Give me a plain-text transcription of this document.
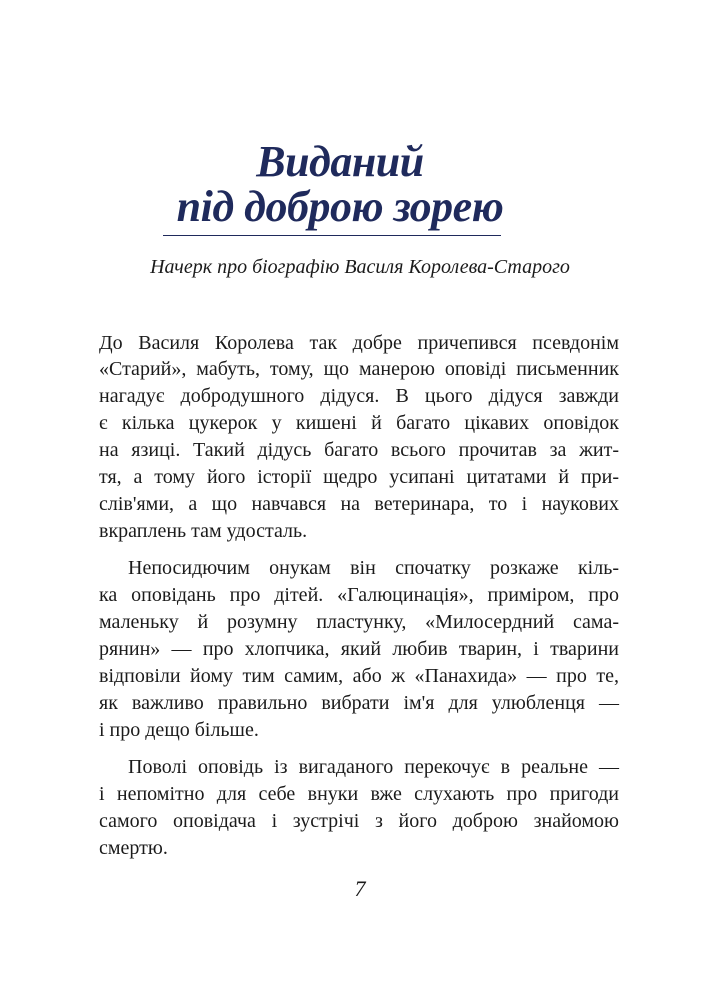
Виданий
під доброю зорею

Начерк про біографію Василя Королева-Старого

До Василя Королева так добре причепився псевдонім

«Старий», мабуть, тому, що манерою оповіді письменник

нагадує добродушного дідуся. В цього дідуся завжди

є кілька цукерок у кишені й багато цікавих оповідок

на язиці. Такий дідусь багато всього прочитав за жит-

тя, а тому його історії щедро усипані цитатами й при-

слів'ями, а що навчався на ветеринара, то і наукових

вкраплень там удосталь.

Непосидючим онукам він спочатку розкаже кіль-

ка оповідань про дітей. «Галюцинація», приміром, про

маленьку й розумну пластунку, «Милосердний сама-

рянин» — про хлопчика, який любив тварин, і тварини

відповіли йому тим самим, або ж «Панахида» — про те,

як важливо правильно вибрати ім'я для улюбленця —

і про дещо більше.

Поволі оповідь із вигаданого перекочує в реальне —

і непомітно для себе внуки вже слухають про пригоди

самого оповідача і зустрічі з його доброю знайомою

смертю.

7
